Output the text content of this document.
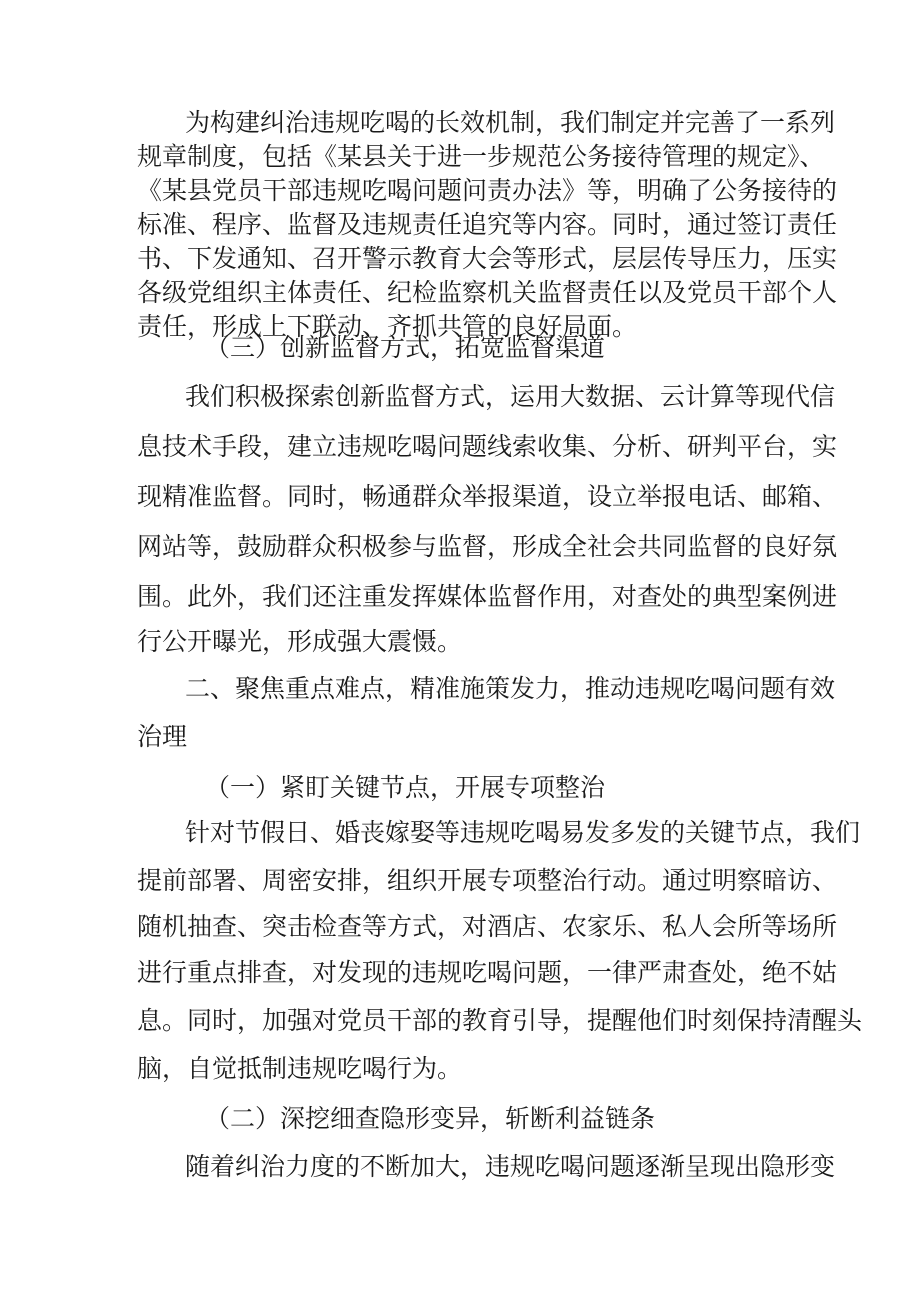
为构建纠治违规吃喝的长效机制，我们制定并完善了一系列
规章制度，包括《某县关于进一步规范公务接待管理的规定》、
《某县党员干部违规吃喝问题问责办法》等，明确了公务接待的
标准、程序、监督及违规责任追究等内容。同时，通过签订责任
书、下发通知、召开警示教育大会等形式，层层传导压力，压实
各级党组织主体责任、纪检监察机关监督责任以及党员干部个人
责任，形成上下联动、齐抓共管的良好局面。
（三）创新监督方式，拓宽监督渠道
我们积极探索创新监督方式，运用大数据、云计算等现代信
息技术手段，建立违规吃喝问题线索收集、分析、研判平台，实
现精准监督。同时，畅通群众举报渠道，设立举报电话、邮箱、
网站等，鼓励群众积极参与监督，形成全社会共同监督的良好氛
围。此外，我们还注重发挥媒体监督作用，对查处的典型案例进
行公开曝光，形成强大震慑。
二、聚焦重点难点，精准施策发力，推动违规吃喝问题有效
治理
（一）紧盯关键节点，开展专项整治
针对节假日、婚丧嫁娶等违规吃喝易发多发的关键节点，我们
提前部署、周密安排，组织开展专项整治行动。通过明察暗访、
随机抽查、突击检查等方式，对酒店、农家乐、私人会所等场所
进行重点排查，对发现的违规吃喝问题，一律严肃查处，绝不姑
息。同时，加强对党员干部的教育引导，提醒他们时刻保持清醒头
脑，自觉抵制违规吃喝行为。
（二）深挖细查隐形变异，斩断利益链条
随着纠治力度的不断加大，违规吃喝问题逐渐呈现出隐形变
